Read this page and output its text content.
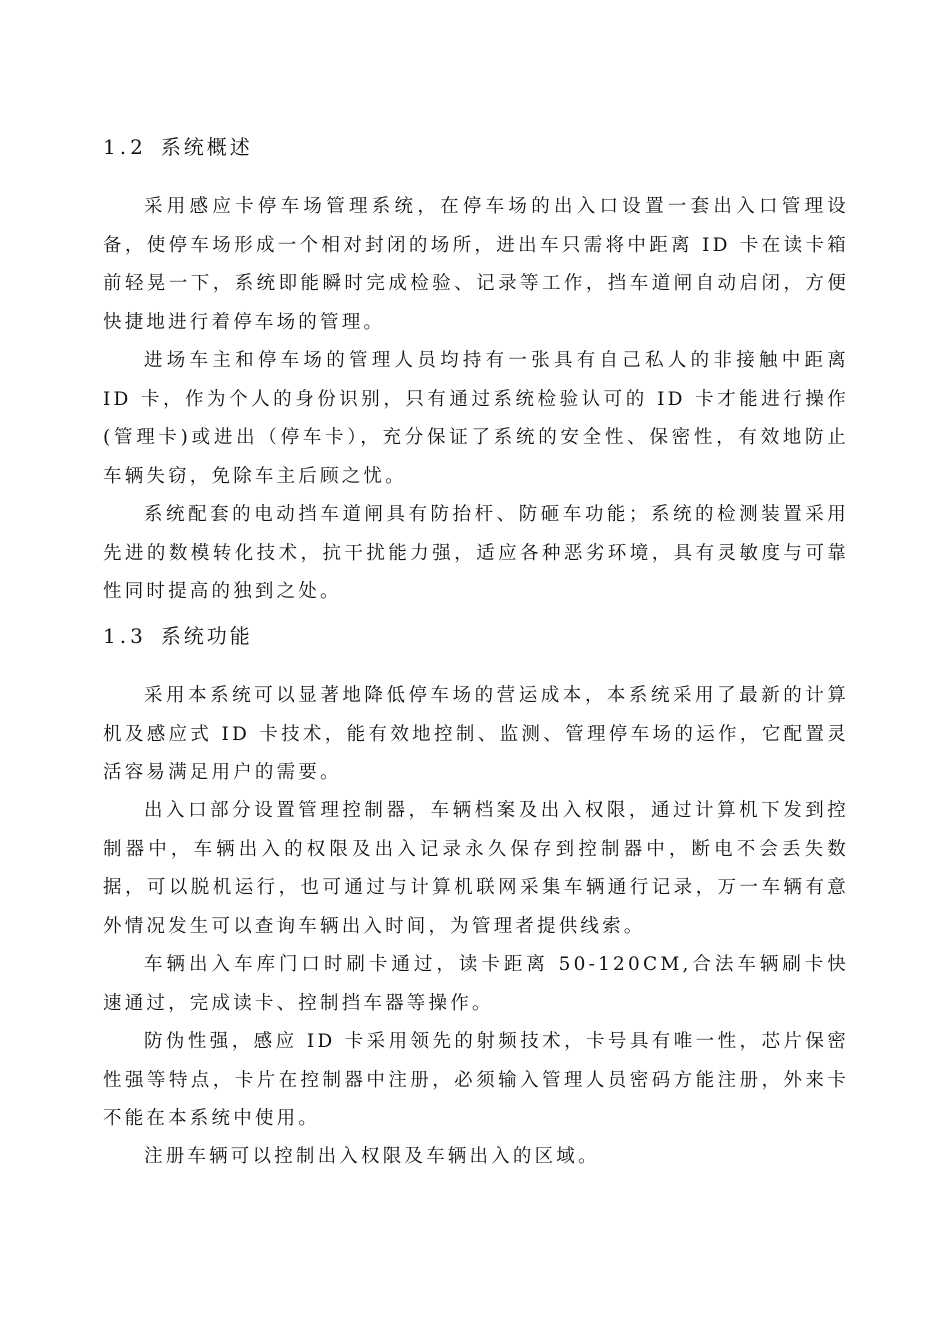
1.2 系统概述

采用感应卡停车场管理系统，在停车场的出入口设置一套出入口管理设备，使停车场形成一个相对封闭的场所，进出车只需将中距离 ID 卡在读卡箱前轻晃一下，系统即能瞬时完成检验、记录等工作，挡车道闸自动启闭，方便快捷地进行着停车场的管理。

进场车主和停车场的管理人员均持有一张具有自己私人的非接触中距离 ID 卡，作为个人的身份识别，只有通过系统检验认可的 ID 卡才能进行操作(管理卡)或进出（停车卡），充分保证了系统的安全性、保密性，有效地防止车辆失窃，免除车主后顾之忧。

系统配套的电动挡车道闸具有防抬杆、防砸车功能；系统的检测装置采用先进的数模转化技术，抗干扰能力强，适应各种恶劣环境，具有灵敏度与可靠性同时提高的独到之处。

1.3 系统功能

采用本系统可以显著地降低停车场的营运成本，本系统采用了最新的计算机及感应式 ID 卡技术，能有效地控制、监测、管理停车场的运作，它配置灵活容易满足用户的需要。

出入口部分设置管理控制器，车辆档案及出入权限，通过计算机下发到控制器中，车辆出入的权限及出入记录永久保存到控制器中，断电不会丢失数据，可以脱机运行，也可通过与计算机联网采集车辆通行记录，万一车辆有意外情况发生可以查询车辆出入时间，为管理者提供线索。

车辆出入车库门口时刷卡通过，读卡距离 50-120CM,合法车辆刷卡快速通过，完成读卡、控制挡车器等操作。

防伪性强，感应 ID 卡采用领先的射频技术，卡号具有唯一性，芯片保密性强等特点，卡片在控制器中注册，必须输入管理人员密码方能注册，外来卡不能在本系统中使用。

注册车辆可以控制出入权限及车辆出入的区域。
